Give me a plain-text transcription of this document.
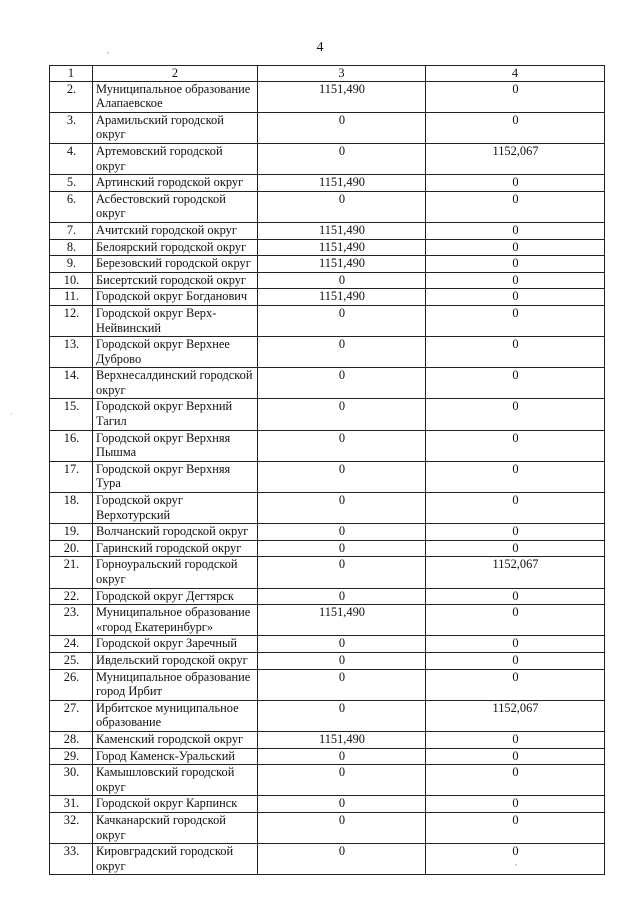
4
,
·
,
1	2	3	4
2.	Муниципальное образование Алапаевское	1151,490	0
3.	Арамильский городской округ	0	0
4.	Артемовский городской округ	0	1152,067
5.	Артинский городской округ	1151,490	0
6.	Асбестовский городской округ	0	0
7.	Ачитский городской округ	1151,490	0
8.	Белоярский городской округ	1151,490	0
9.	Березовский городской округ	1151,490	0
10.	Бисертский городской округ	0	0
11.	Городской округ Богданович	1151,490	0
12.	Городской округ Верх-Нейвинский	0	0
13.	Городской округ Верхнее Дуброво	0	0
14.	Верхнесалдинский городской округ	0	0
15.	Городской округ Верхний Тагил	0	0
16.	Городской округ Верхняя Пышма	0	0
17.	Городской округ Верхняя Тура	0	0
18.	Городской округ Верхотурский	0	0
19.	Волчанский городской округ	0	0
20.	Гаринский городской округ	0	0
21.	Горноуральский городской округ	0	1152,067
22.	Городской округ Дегтярск	0	0
23.	Муниципальное образование «город Екатеринбург»	1151,490	0
24.	Городской округ Заречный	0	0
25.	Ивдельский городской округ	0	0
26.	Муниципальное образование город Ирбит	0	0
27.	Ирбитское муниципальное образование	0	1152,067
28.	Каменский городской округ	1151,490	0
29.	Город Каменск-Уральский	0	0
30.	Камышловский городской округ	0	0
31.	Городской округ Карпинск	0	0
32.	Качканарский городской округ	0	0
33.	Кировградский городской округ	0	0
